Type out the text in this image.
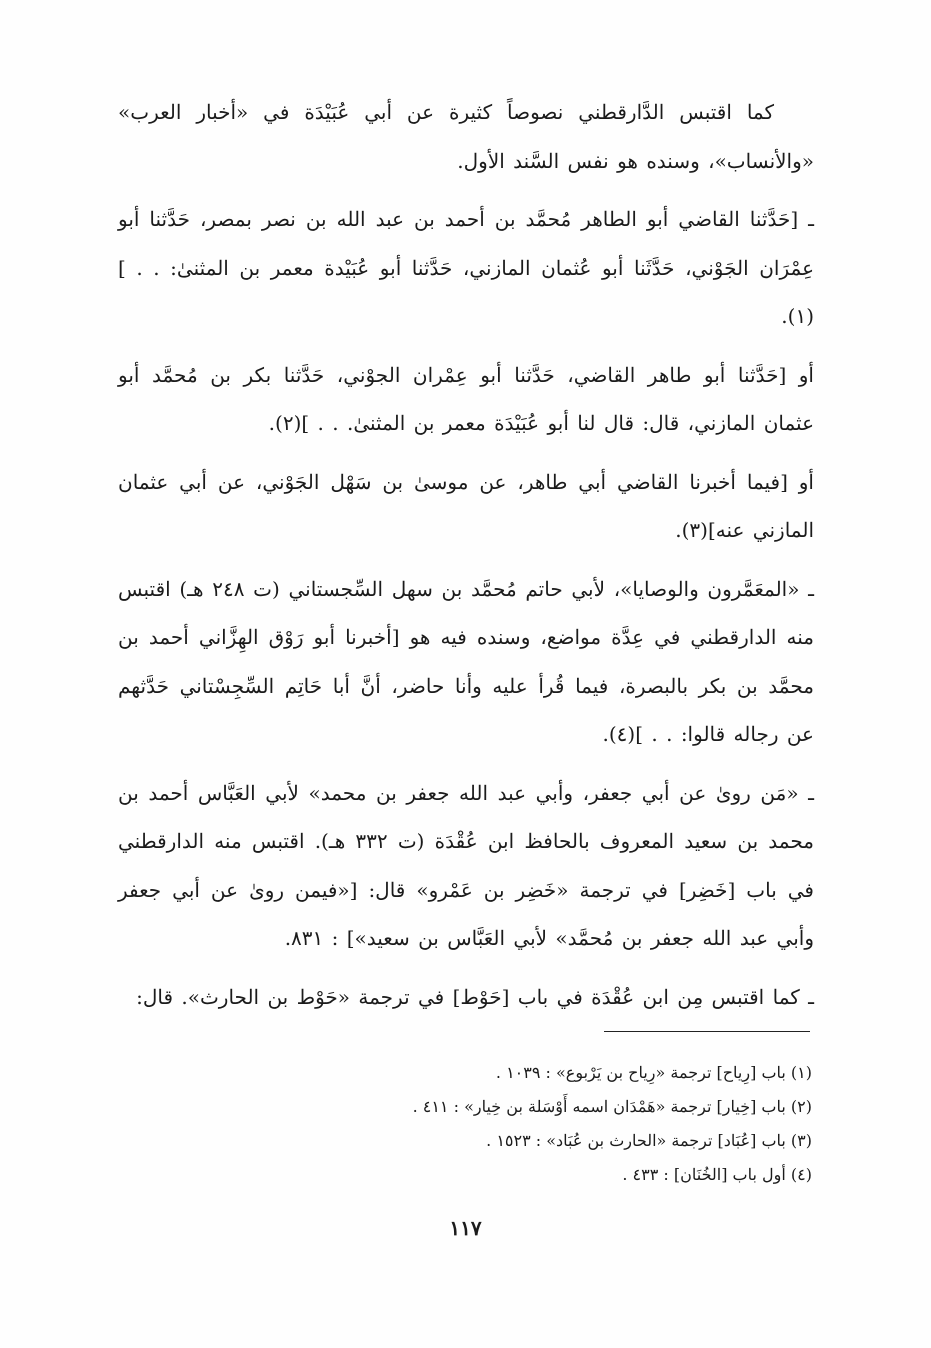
كما اقتبس الدَّارقطني نصوصاً كثيرة عن أبي عُبَيْدَة في «أخبار العرب» «والأنساب»، وسنده هو نفس السَّند الأول.

ـ [حَدَّثنا القاضي أبو الطاهر مُحمَّد بن أحمد بن عبد الله بن نصر بمصر، حَدَّثنا أبو عِمْرَان الجَوْني، حَدَّثَنا أبو عُثمان المازني، حَدَّثنا أبو عُبَيْدة معمر بن المثنىٰ: . . ](١).

أو [حَدَّثنا أبو طاهر القاضي، حَدَّثنا أبو عِمْران الجوْني، حَدَّثنا بكر بن مُحمَّد أبو عثمان المازني، قال: قال لنا أبو عُبَيْدَة معمر بن المثنىٰ. . . ](٢).

أو [فيما أخبرنا القاضي أبي طاهر، عن موسىٰ بن سَهْل الجَوْني، عن أبي عثمان المازني عنه](٣).

ـ «المعَمَّرون والوصايا»، لأبي حاتم مُحمَّد بن سهل السِّجستاني (ت ٢٤٨ هـ) اقتبس منه الدارقطني في عِدَّة مواضع، وسنده فيه هو [أخبرنا أبو رَوْق الهِزَّاني أحمد بن محمَّد بن بكر بالبصرة، فيما قُرأ عليه وأنا حاضر، أنَّ أبا حَاتِم السِّجِسْتاني حَدَّثهم عن رجاله قالوا: . . ](٤).

ـ «مَن روىٰ عن أبي جعفر، وأبي عبد الله جعفر بن محمد» لأبي العَبَّاس أحمد بن محمد بن سعيد المعروف بالحافظ ابن عُقْدَة (ت ٣٣٢ هـ). اقتبس منه الدارقطني في باب [خَضِر] في ترجمة «خَضِر بن عَمْرو» قال: [«فيمن روىٰ عن أبي جعفر وأبي عبد الله جعفر بن مُحمَّد» لأبي العَبَّاس بن سعيد»] : ٨٣١.

ـ كما اقتبس مِن ابن عُقْدَة في باب [حَوْط] في ترجمة «حَوْط بن الحارث». قال:

(١) باب [رِياح] ترجمة «رِياح بن يَرْبوع» : ١٠٣٩ .

(٢) باب [خِيار] ترجمة «هَمْدَان اسمه أَوْسَلة بن خِيار» : ٤١١ .

(٣) باب [عُبَاد] ترجمة «الحارث بن عُبَاد» : ١٥٢٣ .

(٤) أول باب [الخُنَان] : ٤٣٣ .

١١٧
